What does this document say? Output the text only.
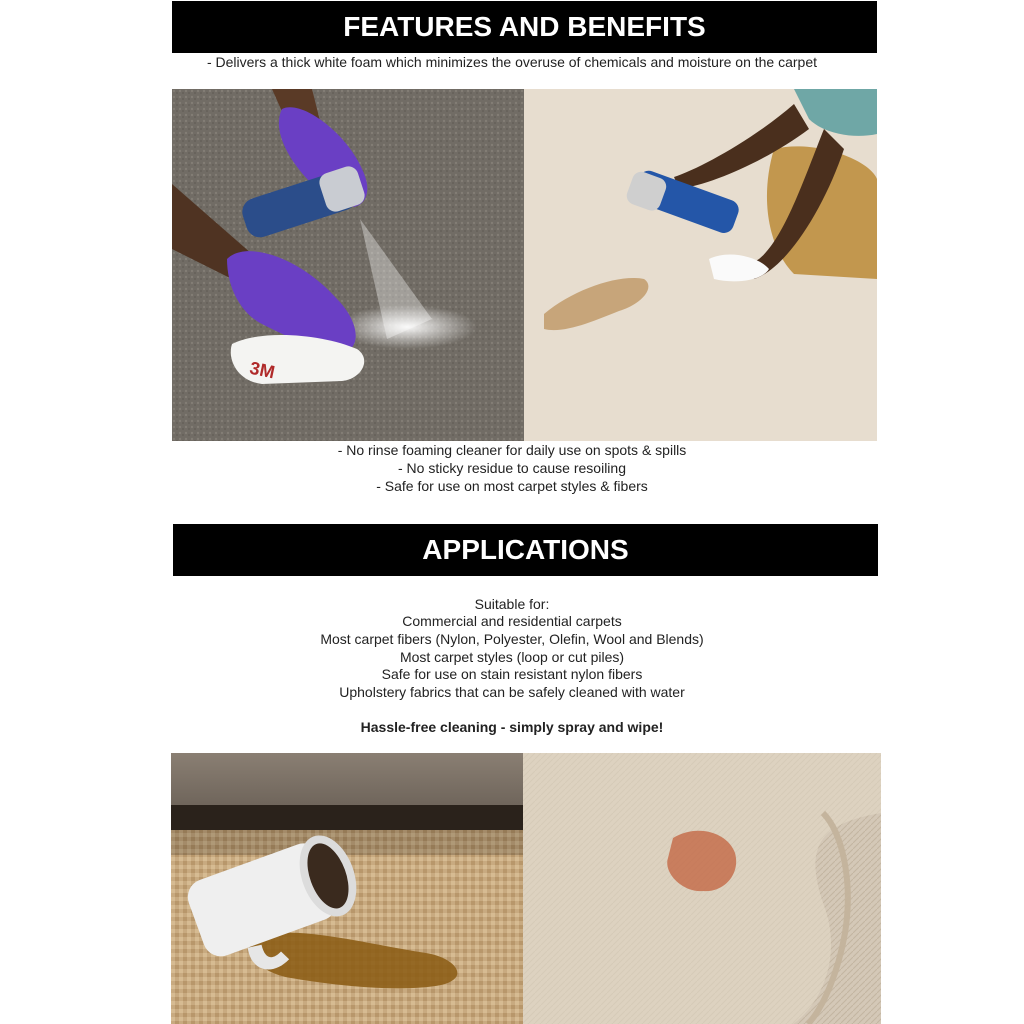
FEATURES AND BENEFITS
- Delivers a thick white foam which minimizes the overuse of chemicals and moisture on the carpet
3M
- No rinse foaming cleaner for daily use on spots & spills
- No sticky residue to cause resoiling
- Safe for use on most carpet styles & fibers
APPLICATIONS
Suitable for:
Commercial and residential carpets
Most carpet fibers (Nylon, Polyester, Olefin, Wool and Blends)
Most carpet styles (loop or cut piles)
Safe for use on stain resistant nylon fibers
Upholstery fabrics that can be safely cleaned with water
Hassle-free cleaning - simply spray and wipe!
